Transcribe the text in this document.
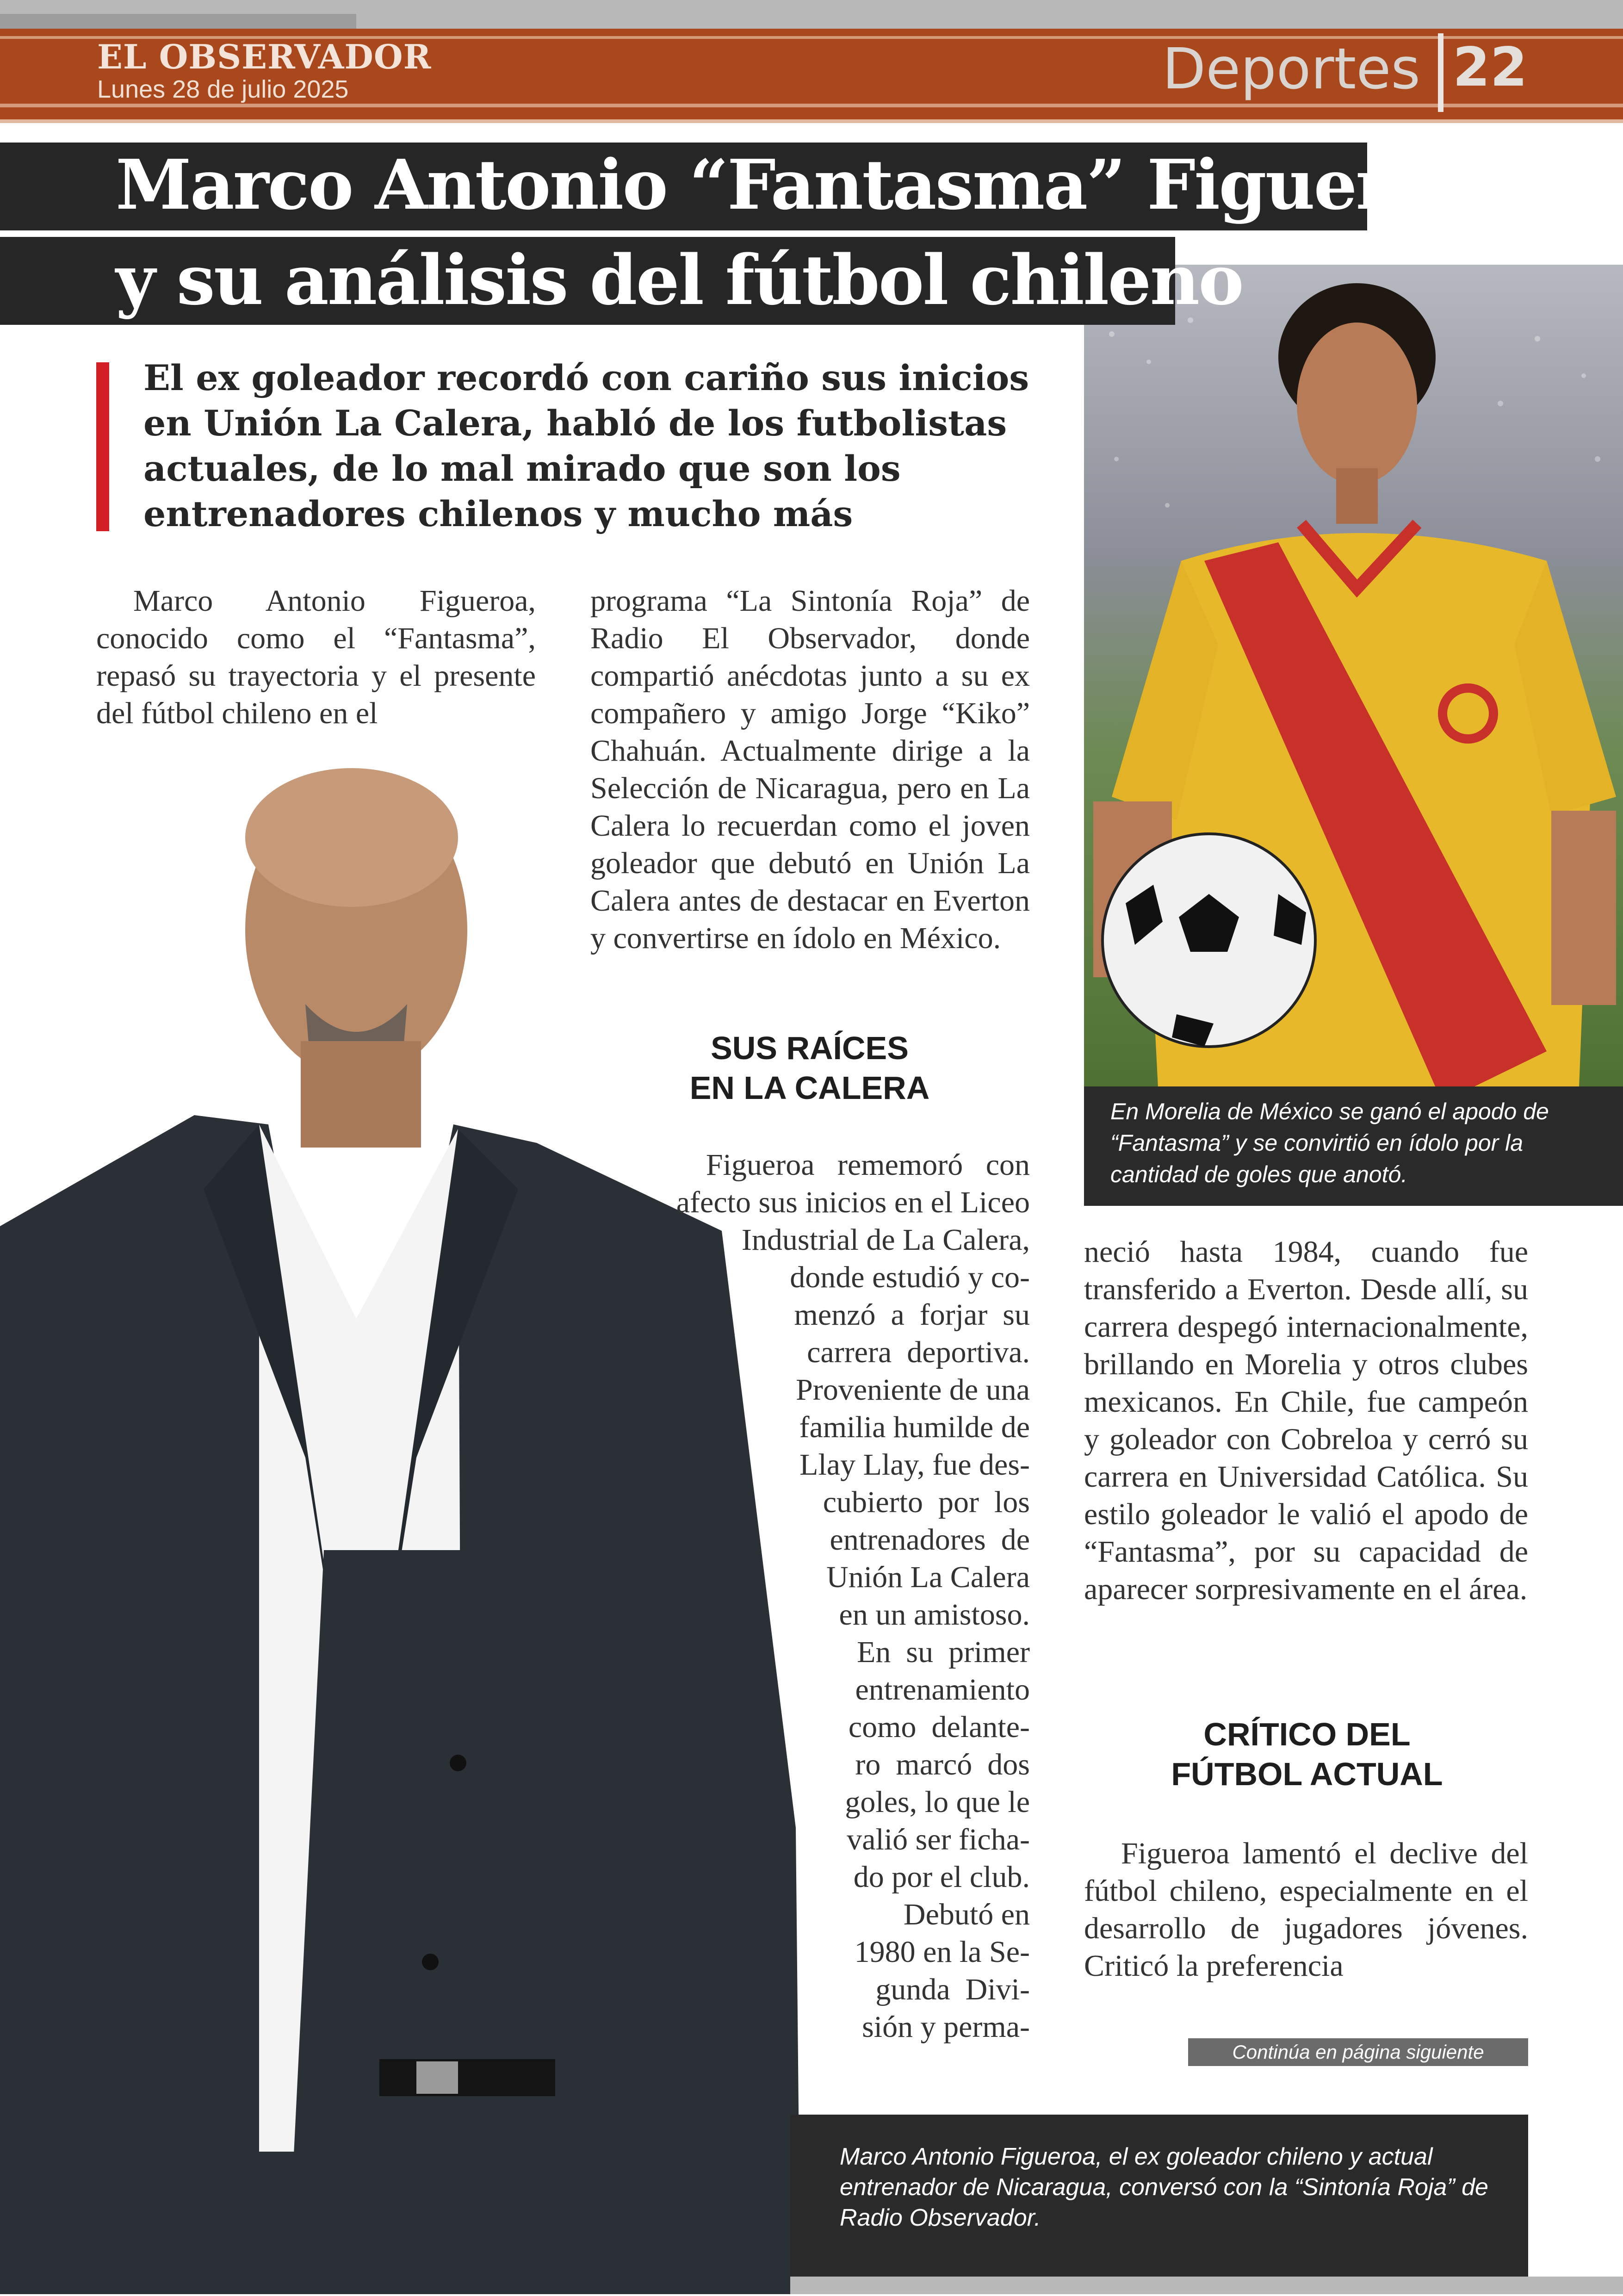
EL OBSERVADOR
Lunes 28 de julio 2025	Deportes 22
En Morelia de México se ganó el apodo de “Fantasma” y se convirtió en ídolo por la cantidad de goles que anotó.
Marco Antonio “Fantasma” Figueroa
y su análisis del fútbol chileno
El ex goleador recordó con cariño sus inicios en Unión La Calera, habló de los futbolistas actuales, de lo mal mirado que son los entrenadores chilenos y mucho más

Marco Antonio Figueroa, conocido como el “Fantasma”, repasó su trayectoria y el presente del fútbol chileno en el

programa “La Sintonía Roja” de Radio El Observador, donde compartió anécdotas junto a su ex compañero y amigo Jorge “Kiko” Chahuán. Actualmente dirige a la Selección de Nicaragua, pero en La Calera lo recuerdan como el joven goleador que debutó en Unión La Calera antes de destacar en Everton y convertirse en ídolo en México.

SUS RAÍCES
EN LA CALERA
Figueroa   rememoró   con
afecto sus inicios en el Liceo
Industrial de La Calera,
donde estudió y co-
menzó  a  forjar  su
carrera  deportiva.
Proveniente de una
familia humilde de
Llay Llay, fue des-
cubierto  por  los
entrenadores  de
Unión La Calera
en un amistoso.
En  su  primer
entrenamiento
como  delante-
ro  marcó  dos
goles, lo que le
valió ser ficha-
do por el club.
Debutó en
1980 en la Se-
gunda  Divi-
sión y perma-

neció hasta 1984, cuando fue transferido a Everton. Desde allí, su carrera despegó internacionalmente, brillando en Morelia y otros clubes mexicanos. En Chile, fue campeón y goleador con Cobreloa y cerró su carrera en Universidad Católica. Su estilo goleador le valió el apodo de “Fantasma”, por su capacidad de aparecer sorpresivamente en el área.

CRÍTICO DEL
FÚTBOL ACTUAL

Figueroa lamentó el declive del fútbol chileno, especialmente en el desarrollo de jugadores jóvenes. Criticó la preferencia

Continúa en página siguiente
Marco Antonio Figueroa, el ex goleador chileno y actual entrenador de Nicaragua, conversó con la “Sintonía Roja” de Radio Observador.
